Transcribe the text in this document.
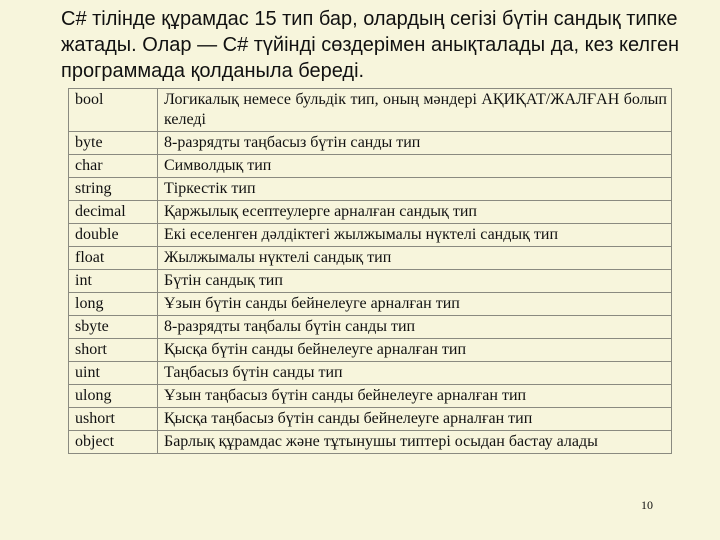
C# тілінде құрамдас 15 тип бар, олардың сегізі бүтін сандық типке жатады. Олар — C# түйінді сөздерімен анықталады да, кез келген программада қолданыла береді.

bool	Логикалық немесе бульдік тип, оның мәндері АҚИҚАТ/ЖАЛҒАН болып келеді
byte	8-разрядты таңбасыз бүтін санды тип
char	Символдық тип
string	Тіркестік тип
decimal	Қаржылық есептеулерге арналған сандық тип
double	Екі еселенген дәлдіктегі жылжымалы нүктелі сандық тип
float	Жылжымалы нүктелі сандық тип
int	Бүтін сандық тип
long	Ұзын бүтін санды бейнелеуге арналған тип
sbyte	8-разрядты таңбалы бүтін санды тип
short	Қысқа бүтін санды бейнелеуге арналған тип
uint	Таңбасыз бүтін санды тип
ulong	Ұзын таңбасыз бүтін санды бейнелеуге арналған тип
ushort	Қысқа таңбасыз бүтін санды бейнелеуге арналған тип
object	Барлық құрамдас және тұтынушы типтері осыдан бастау алады
10
